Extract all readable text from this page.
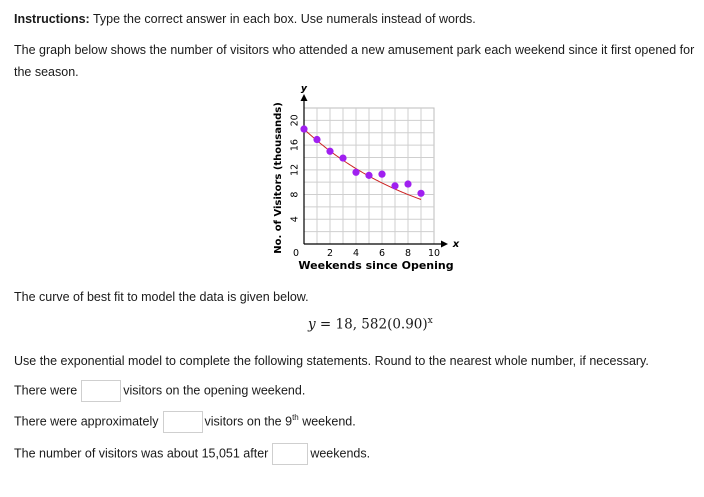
Instructions: Type the correct answer in each box. Use numerals instead of words.
The graph below shows the number of visitors who attended a new amusement park each weekend since it first opened for the season.
y
x
0	2 4 6 8 10
4
8
12
16
20
Weekends since Opening
No. of Visitors (thousands)
The curve of best fit to model the data is given below.
y = 18, $582(0.90)^x$
Use the exponential model to complete the following statements. Round to the nearest whole number, if necessary.
There were	visitors on the opening weekend.
There were approximately	visitors on the 9th weekend.
The number of visitors was about 15,051 after	weekends.
